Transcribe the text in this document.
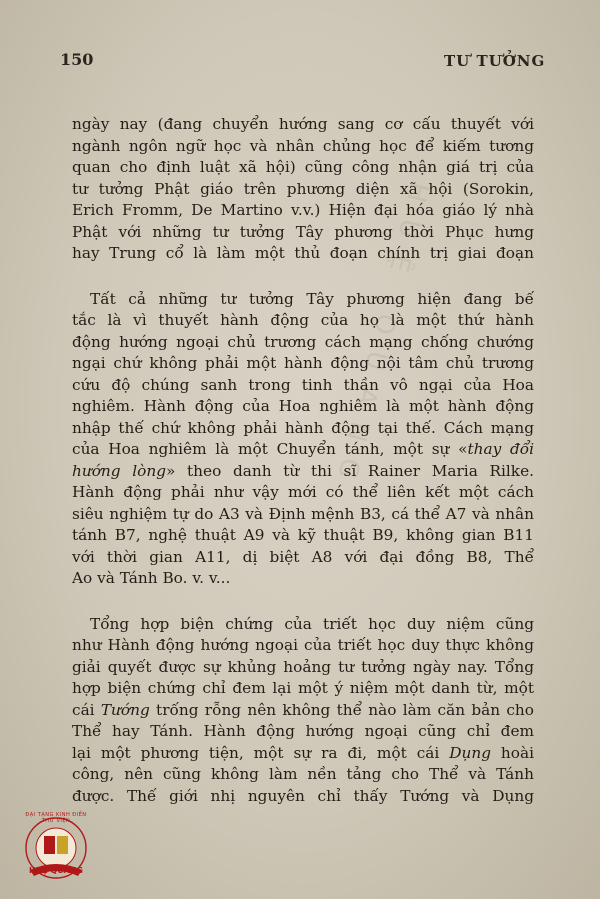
HUỆ QUANG
150	TƯ TƯỞNG

ngày nay (đang chuyển hướng sang cơ cấu thuyết với
ngành ngôn ngữ học và nhân chủng học để kiếm tương
quan cho định luật xã hội) cũng công nhận giá trị của
tư tưởng Phật giáo trên phương diện xã hội (Sorokin,
Erich Fromm, De Martino v.v.) Hiện đại hóa giáo lý nhà
Phật với những tư tưởng Tây phương thời Phục hưng
hay Trung cổ là làm một thủ đoạn chính trị giai đoạn

Tất cả những tư tưởng Tây phương hiện đang bế
tắc là vì thuyết hành động của họ là một thứ hành
động hướng ngoại chủ trương cách mạng chống chướng
ngại chứ không phải một hành động nội tâm chủ trương
cứu độ chúng sanh trong tinh thần vô ngại của Hoa
nghiêm. Hành động của Hoa nghiêm là một hành động
nhập thế chứ không phải hành động tại thế. Cách mạng
của Hoa nghiêm là một Chuyển tánh, một sự «thay đổi
hướng lòng» theo danh từ thi sĩ Rainer Maria Rilke.
Hành động phải như vậy mới có thể liên kết một cách
siêu nghiệm tự do A3 và Định mệnh B3, cá thể A7 và nhân
tánh B7, nghệ thuật A9 và kỹ thuật B9, không gian B11
với thời gian A11, dị biệt A8 với đại đồng B8, Thể
Ao và Tánh Bo. v. v...

Tổng hợp biện chứng của triết học duy niệm cũng
như Hành động hướng ngoại của triết học duy thực không
giải quyết được sự khủng hoảng tư tưởng ngày nay. Tổng
hợp biện chứng chỉ đem lại một ý niệm một danh từ, một
cái Tướng trống rỗng nên không thể nào làm căn bản cho
Thể hay Tánh. Hành động hướng ngoại cũng chỉ đem
lại một phương tiện, một sự ra đi, một cái Dụng hoài
công, nên cũng không làm nền tảng cho Thể và Tánh
được. Thế giới nhị nguyên chỉ thấy Tướng và Dụng

ĐẠI TẠNG KINH ĐIỂN THƯ VIỆN
HUỆ QUANG
